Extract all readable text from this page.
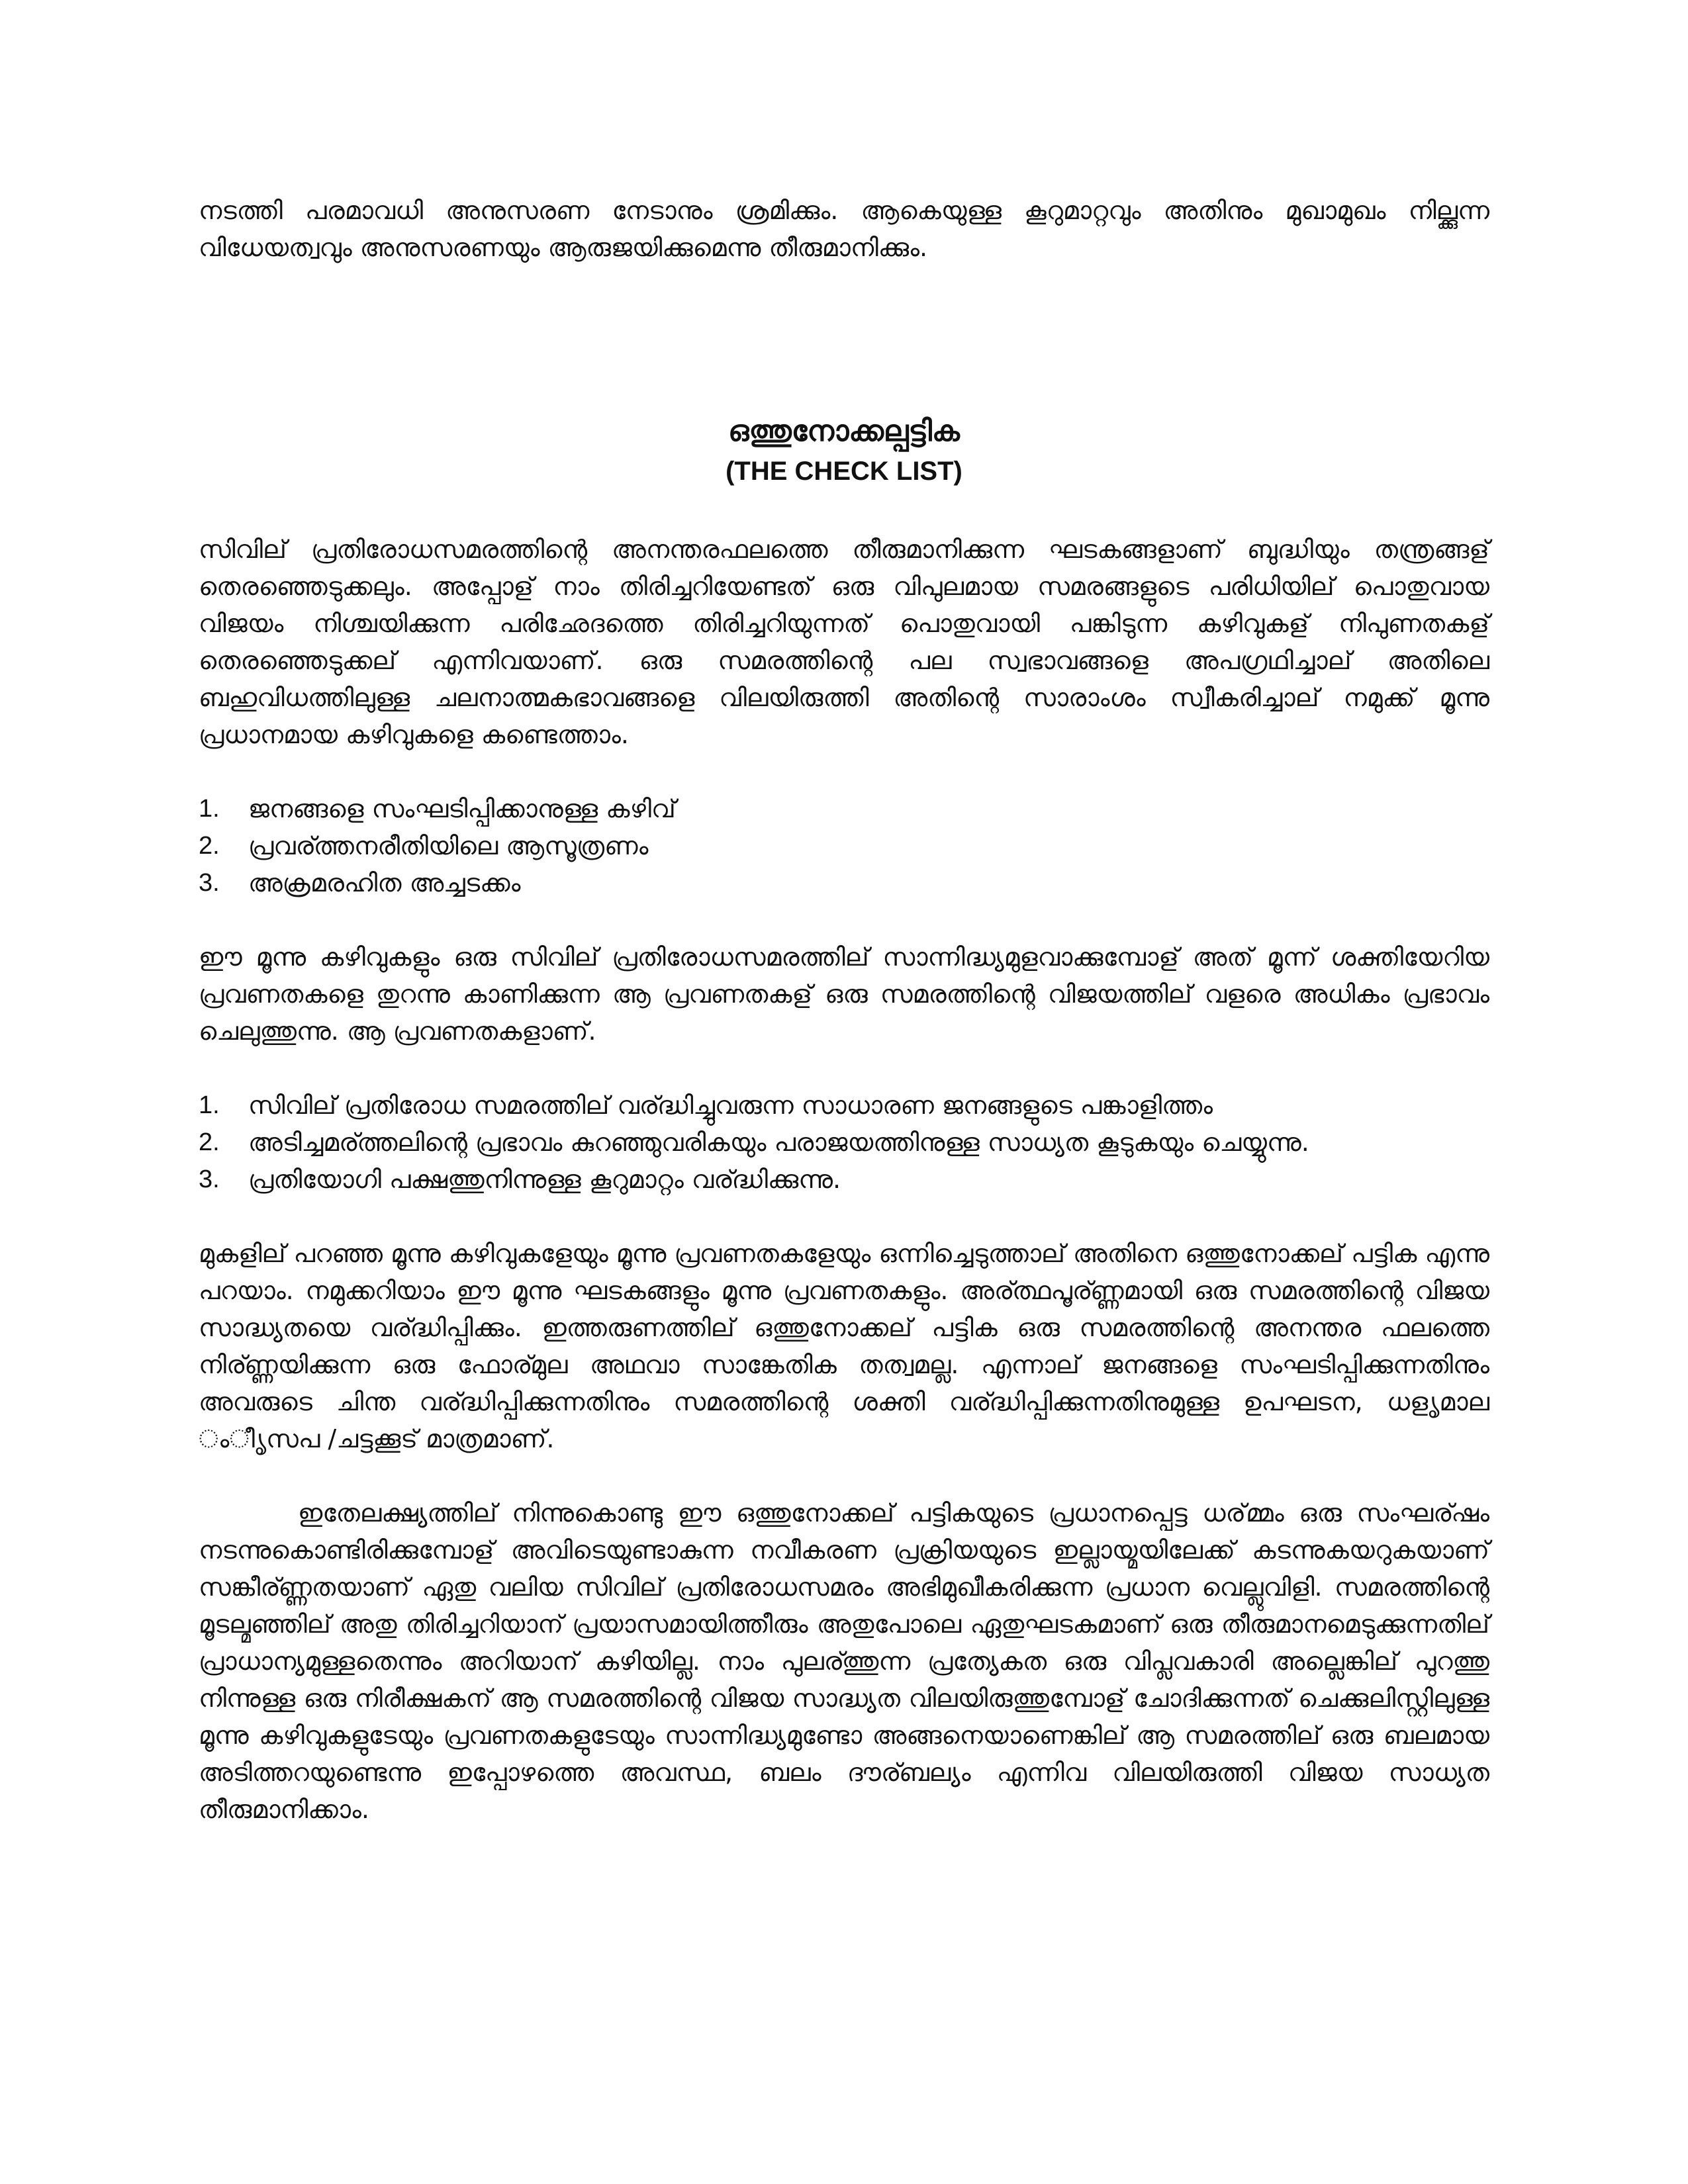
നടത്തി പരമാവധി അനുസരണ നേടാനും ശ്രമിക്കും. ആകെയുള്ള കൂറുമാറ്റവും അതിനും മുഖാമുഖം നില്ക്കുന്ന വിധേയത്വവും അനുസരണയും ആരുജയിക്കുമെന്നു തീരുമാനിക്കും.

ഒത്തുനോക്കല്പട്ടിക
(THE CHECK LIST)

സിവില് പ്രതിരോധസമരത്തിന്റെ അനന്തരഫലത്തെ തീരുമാനിക്കുന്ന ഘടകങ്ങളാണ് ബുദ്ധിയും തന്ത്രങ്ങള് തെരഞ്ഞെടുക്കലും. അപ്പോള് നാം തിരിച്ചറിയേണ്ടത് ഒരു വിപുലമായ സമരങ്ങളുടെ പരിധിയില് പൊതുവായ വിജയം നിശ്ചയിക്കുന്ന പരിഛേദത്തെ തിരിച്ചറിയുന്നത് പൊതുവായി പങ്കിടുന്ന കഴിവുകള് നിപുണതകള് തെരഞ്ഞെടുക്കല് എന്നിവയാണ്. ഒരു സമരത്തിന്റെ പല സ്വഭാവങ്ങളെ അപഗ്രഥിച്ചാല് അതിലെ ബഹുവിധത്തിലുള്ള ചലനാത്മകഭാവങ്ങളെ വിലയിരുത്തി അതിന്റെ സാരാംശം സ്വീകരിച്ചാല് നമുക്ക് മൂന്നു പ്രധാനമായ കഴിവുകളെ കണ്ടെത്താം.

1. ജനങ്ങളെ സംഘടിപ്പിക്കാനുള്ള കഴിവ്
2. പ്രവര്ത്തനരീതിയിലെ ആസൂത്രണം
3. അക്രമരഹിത അച്ചടക്കം

ഈ മൂന്നു കഴിവുകളും ഒരു സിവില് പ്രതിരോധസമരത്തില് സാന്നിദ്ധ്യമുളവാക്കുമ്പോള് അത് മൂന്ന് ശക്തിയേറിയ പ്രവണതകളെ തുറന്നു കാണിക്കുന്ന ആ പ്രവണതകള് ഒരു സമരത്തിന്റെ വിജയത്തില് വളരെ അധികം പ്രഭാവം ചെലുത്തുന്നു. ആ പ്രവണതകളാണ്.

1. സിവില് പ്രതിരോധ സമരത്തില് വര്ദ്ധിച്ചുവരുന്ന സാധാരണ ജനങ്ങളുടെ പങ്കാളിത്തം
2. അടിച്ചമര്ത്തലിന്റെ പ്രഭാവം കുറഞ്ഞുവരികയും പരാജയത്തിനുള്ള സാധ്യത കൂടുകയും ചെയ്യുന്നു.
3. പ്രതിയോഗി പക്ഷത്തുനിന്നുള്ള കൂറുമാറ്റം വര്ദ്ധിക്കുന്നു.

മുകളില് പറഞ്ഞ മൂന്നു കഴിവുകളേയും മൂന്നു പ്രവണതകളേയും ഒന്നിച്ചെടുത്താല് അതിനെ ഒത്തുനോക്കല് പട്ടിക എന്നു പറയാം. നമുക്കറിയാം ഈ മൂന്നു ഘടകങ്ങളും മൂന്നു പ്രവണതകളും. അര്ത്ഥപൂര്ണ്ണമായി ഒരു സമരത്തിന്റെ വിജയ സാദ്ധ്യതയെ വര്ദ്ധിപ്പിക്കും. ഇത്തരുണത്തില് ഒത്തുനോക്കല് പട്ടിക ഒരു സമരത്തിന്റെ അനന്തര ഫലത്തെ നിര്ണ്ണയിക്കുന്ന ഒരു ഫോര്മുല അഥവാ സാങ്കേതിക തത്വമല്ല. എന്നാല് ജനങ്ങളെ സംഘടിപ്പിക്കുന്നതിനും അവരുടെ ചിന്ത വര്ദ്ധിപ്പിക്കുന്നതിനും സമരത്തിന്റെ ശക്തി വര്ദ്ധിപ്പിക്കുന്നതിനുമുള്ള ഉപഘടന, ധളൃമാല ംീൃസപ /ചട്ടക്കൂട് മാത്രമാണ്.

ഇതേലക്ഷ്യത്തില് നിന്നുകൊണ്ടു ഈ ഒത്തുനോക്കല് പട്ടികയുടെ പ്രധാനപ്പെട്ട ധര്മ്മം ഒരു സംഘര്ഷം നടന്നുകൊണ്ടിരിക്കുമ്പോള് അവിടെയുണ്ടാകുന്ന നവീകരണ പ്രക്രിയയുടെ ഇല്ലായ്മയിലേക്ക് കടന്നുകയറുകയാണ് സങ്കീര്ണ്ണതയാണ് ഏതു വലിയ സിവില് പ്രതിരോധസമരം അഭിമുഖീകരിക്കുന്ന പ്രധാന വെല്ലുവിളി. സമരത്തിന്റെ മൂടല്മഞ്ഞില് അതു തിരിച്ചറിയാന് പ്രയാസമായിത്തീരും അതുപോലെ ഏതുഘടകമാണ് ഒരു തീരുമാനമെടുക്കുന്നതില് പ്രാധാന്യമുള്ളതെന്നും അറിയാന് കഴിയില്ല. നാം പുലര്ത്തുന്ന പ്രത്യേകത ഒരു വിപ്ലവകാരി അല്ലെങ്കില് പുറത്തു നിന്നുള്ള ഒരു നിരീക്ഷകന് ആ സമരത്തിന്റെ വിജയ സാദ്ധ്യത വിലയിരുത്തുമ്പോള് ചോദിക്കുന്നത് ചെക്കുലിസ്റ്റിലുള്ള മൂന്നു കഴിവുകളുടേയും പ്രവണതകളുടേയും സാന്നിദ്ധ്യമുണ്ടോ അങ്ങനെയാണെങ്കില് ആ സമരത്തില് ഒരു ബലമായ അടിത്തറയുണ്ടെന്നു ഇപ്പോഴത്തെ അവസ്ഥ, ബലം ദൗര്ബല്യം എന്നിവ വിലയിരുത്തി വിജയ സാധ്യത തീരുമാനിക്കാം.
